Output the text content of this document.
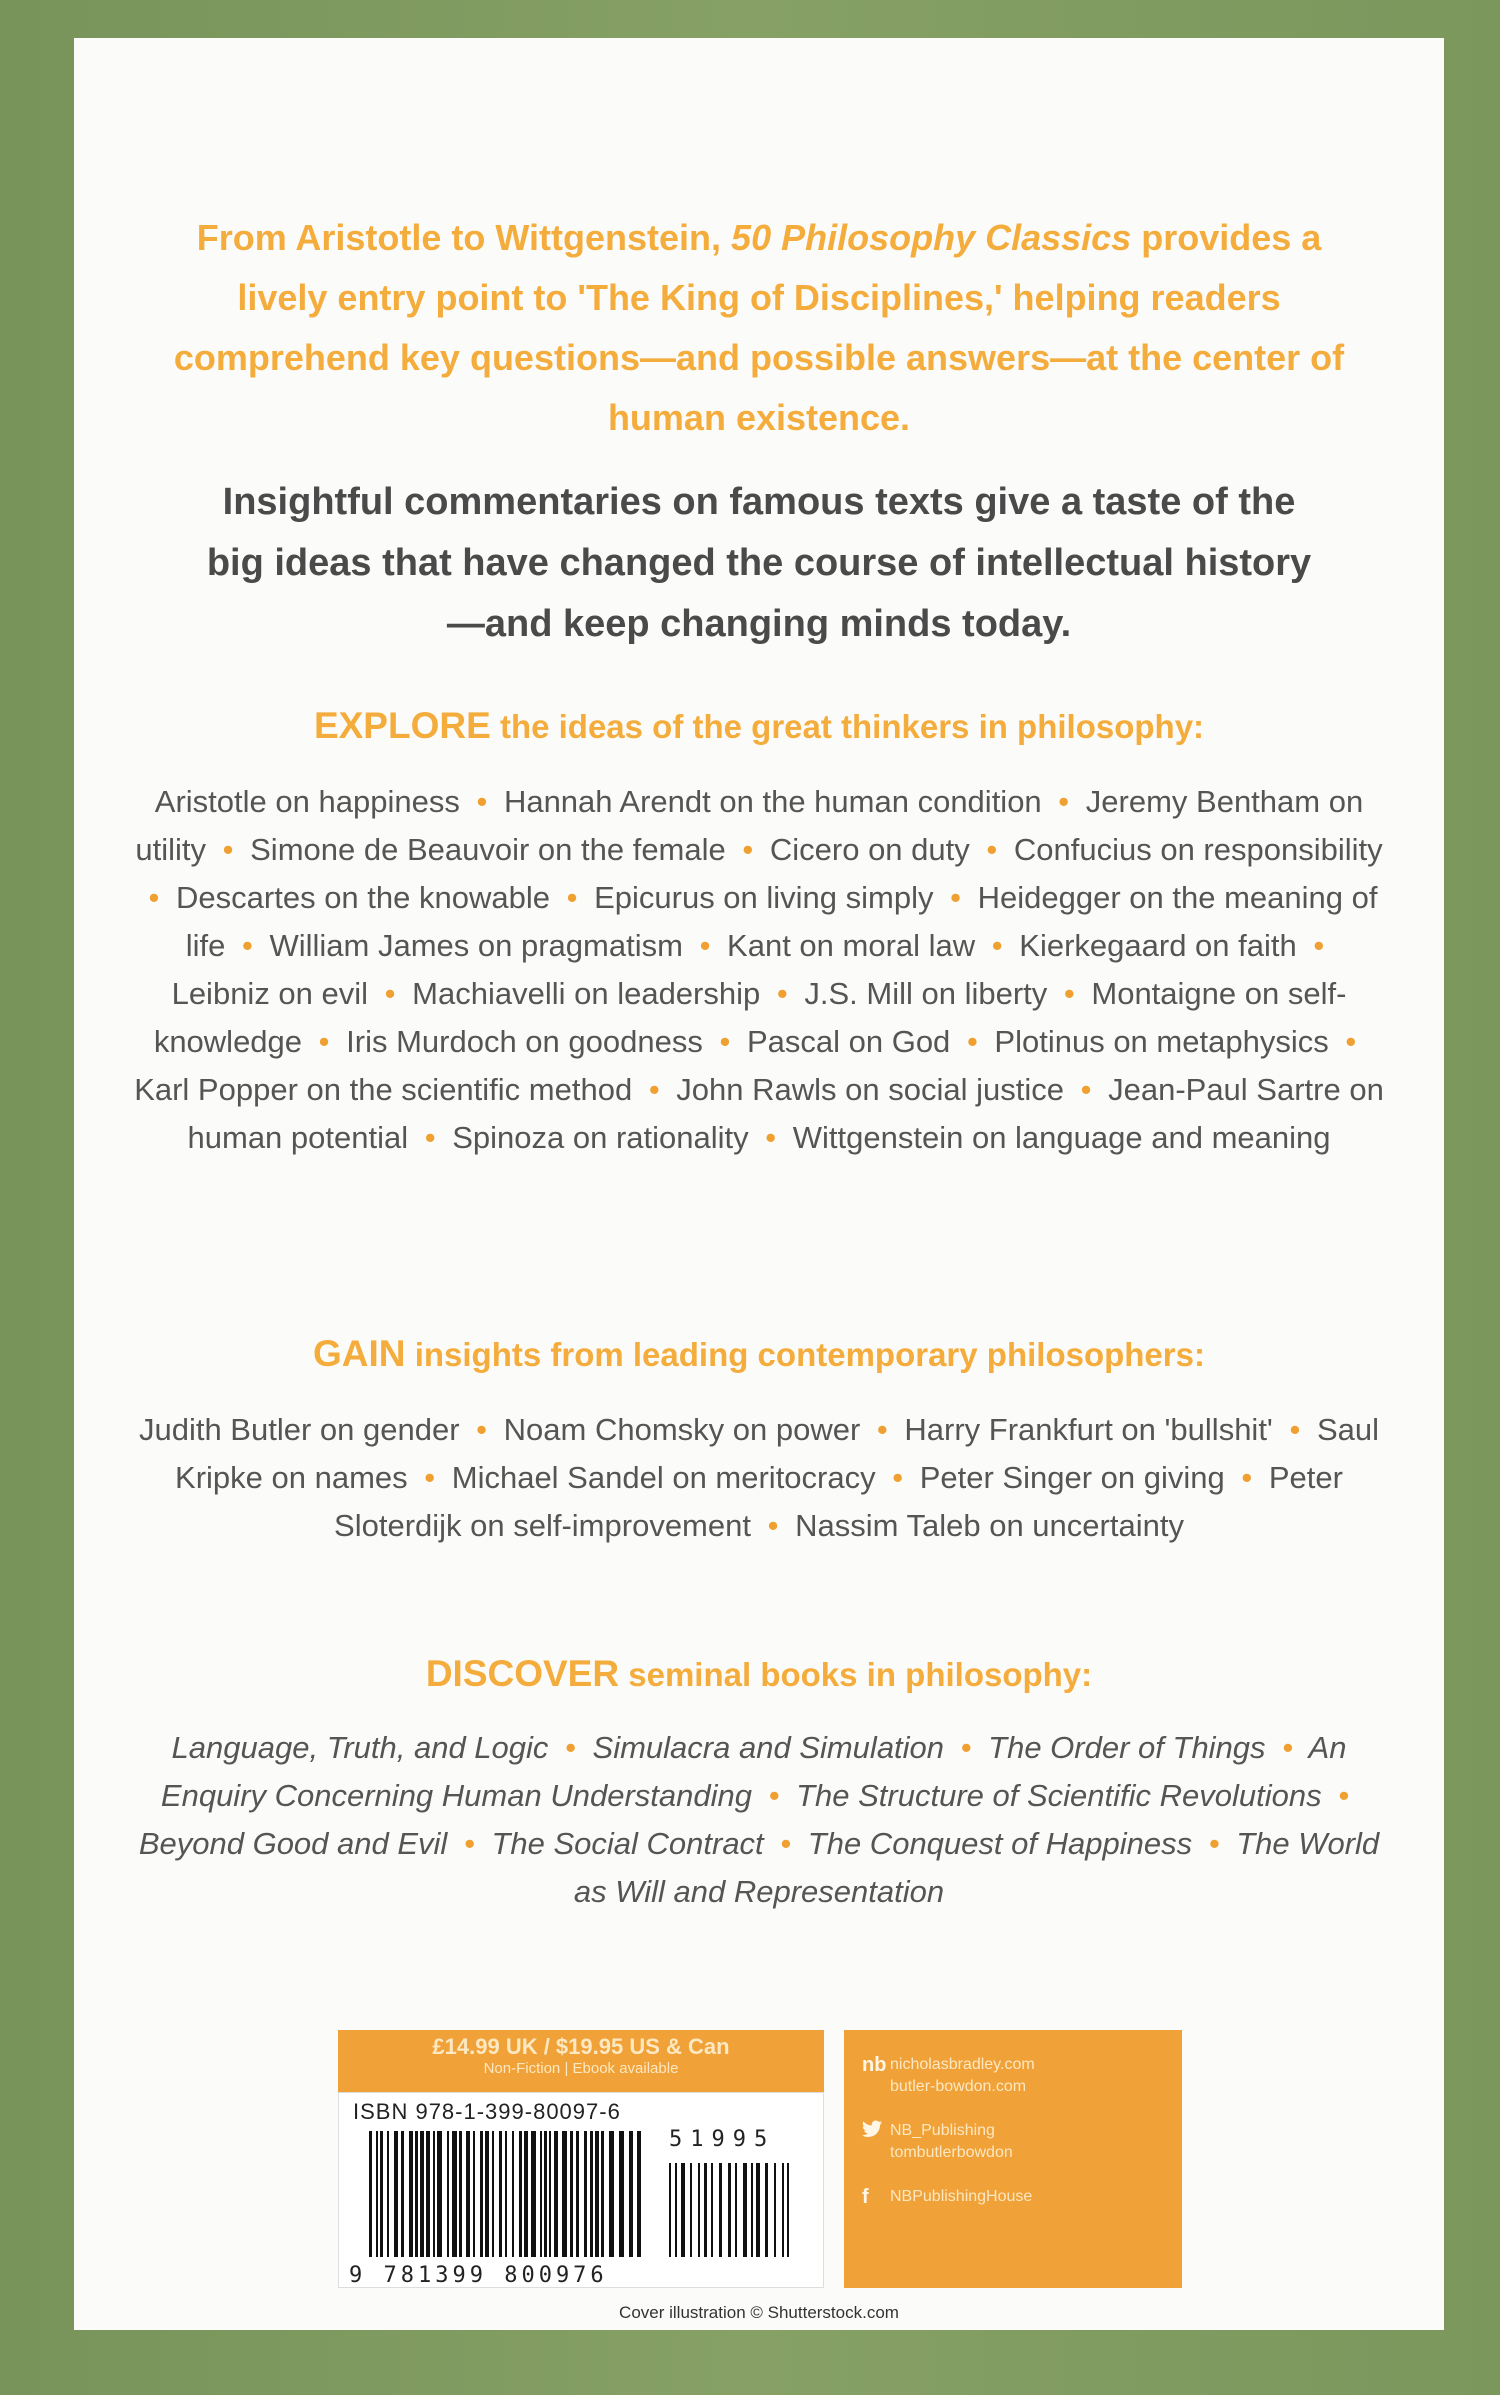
From Aristotle to Wittgenstein, 50 Philosophy Classics provides a lively entry point to 'The King of Disciplines,' helping readers comprehend key questions—and possible answers—at the center of human existence.
Insightful commentaries on famous texts give a taste of the big ideas that have changed the course of intellectual history—and keep changing minds today.
EXPLORE the ideas of the great thinkers in philosophy:
Aristotle on happiness • Hannah Arendt on the human condition • Jeremy Bentham on utility • Simone de Beauvoir on the female • Cicero on duty • Confucius on responsibility • Descartes on the knowable • Epicurus on living simply • Heidegger on the meaning of life • William James on pragmatism • Kant on moral law • Kierkegaard on faith • Leibniz on evil • Machiavelli on leadership • J.S. Mill on liberty • Montaigne on self-knowledge • Iris Murdoch on goodness • Pascal on God • Plotinus on metaphysics • Karl Popper on the scientific method • John Rawls on social justice • Jean-Paul Sartre on human potential • Spinoza on rationality • Wittgenstein on language and meaning
GAIN insights from leading contemporary philosophers:
Judith Butler on gender • Noam Chomsky on power • Harry Frankfurt on 'bullshit' • Saul Kripke on names • Michael Sandel on meritocracy • Peter Singer on giving • Peter Sloterdijk on self-improvement • Nassim Taleb on uncertainty
DISCOVER seminal books in philosophy:
Language, Truth, and Logic • Simulacra and Simulation • The Order of Things • An Enquiry Concerning Human Understanding • The Structure of Scientific Revolutions • Beyond Good and Evil • The Social Contract • The Conquest of Happiness • The World as Will and Representation
£14.99 UK / $19.95 US & Can
Non-Fiction | Ebook available
ISBN 978-1-399-80097-6
51995
9 781399 800976
nb nicholasbradley.com
butler-bowdon.com
NB_Publishing
tombutlerbowdon
f	NBPublishingHouse
Cover illustration © Shutterstock.com
